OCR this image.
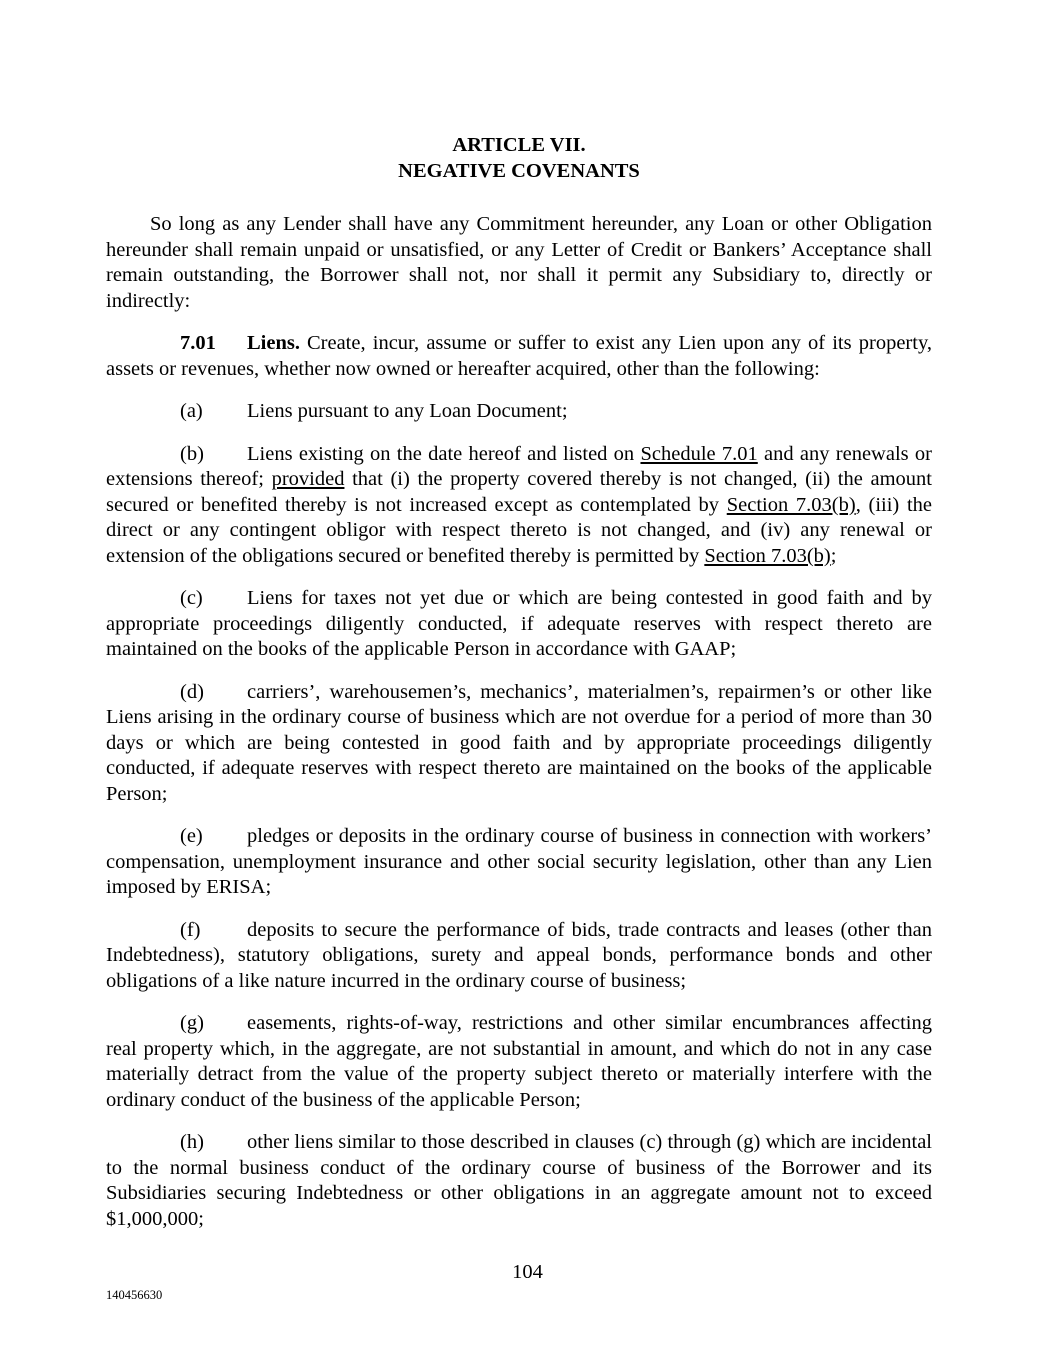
ARTICLE VII.
NEGATIVE COVENANTS

So long as any Lender shall have any Commitment hereunder, any Loan or other Obligation hereunder shall remain unpaid or unsatisfied, or any Letter of Credit or Bankers’ Acceptance shall remain outstanding, the Borrower shall not, nor shall it permit any Subsidiary to, directly or indirectly:

7.01 Liens. Create, incur, assume or suffer to exist any Lien upon any of its property, assets or revenues, whether now owned or hereafter acquired, other than the following:

(a) Liens pursuant to any Loan Document;

(b) Liens existing on the date hereof and listed on Schedule 7.01 and any renewals or extensions thereof; provided that (i) the property covered thereby is not changed, (ii) the amount secured or benefited thereby is not increased except as contemplated by Section 7.03(b), (iii) the direct or any contingent obligor with respect thereto is not changed, and (iv) any renewal or extension of the obligations secured or benefited thereby is permitted by Section 7.03(b);

(c) Liens for taxes not yet due or which are being contested in good faith and by appropriate proceedings diligently conducted, if adequate reserves with respect thereto are maintained on the books of the applicable Person in accordance with GAAP;

(d) carriers’, warehousemen’s, mechanics’, materialmen’s, repairmen’s or other like Liens arising in the ordinary course of business which are not overdue for a period of more than 30 days or which are being contested in good faith and by appropriate proceedings diligently conducted, if adequate reserves with respect thereto are maintained on the books of the applicable Person;

(e) pledges or deposits in the ordinary course of business in connection with workers’ compensation, unemployment insurance and other social security legislation, other than any Lien imposed by ERISA;

(f) deposits to secure the performance of bids, trade contracts and leases (other than Indebtedness), statutory obligations, surety and appeal bonds, performance bonds and other obligations of a like nature incurred in the ordinary course of business;

(g) easements, rights-of-way, restrictions and other similar encumbrances affecting real property which, in the aggregate, are not substantial in amount, and which do not in any case materially detract from the value of the property subject thereto or materially interfere with the ordinary conduct of the business of the applicable Person;

(h) other liens similar to those described in clauses (c) through (g) which are incidental to the normal business conduct of the ordinary course of business of the Borrower and its Subsidiaries securing Indebtedness or other obligations in an aggregate amount not to exceed $1,000,000;

104
140456630
